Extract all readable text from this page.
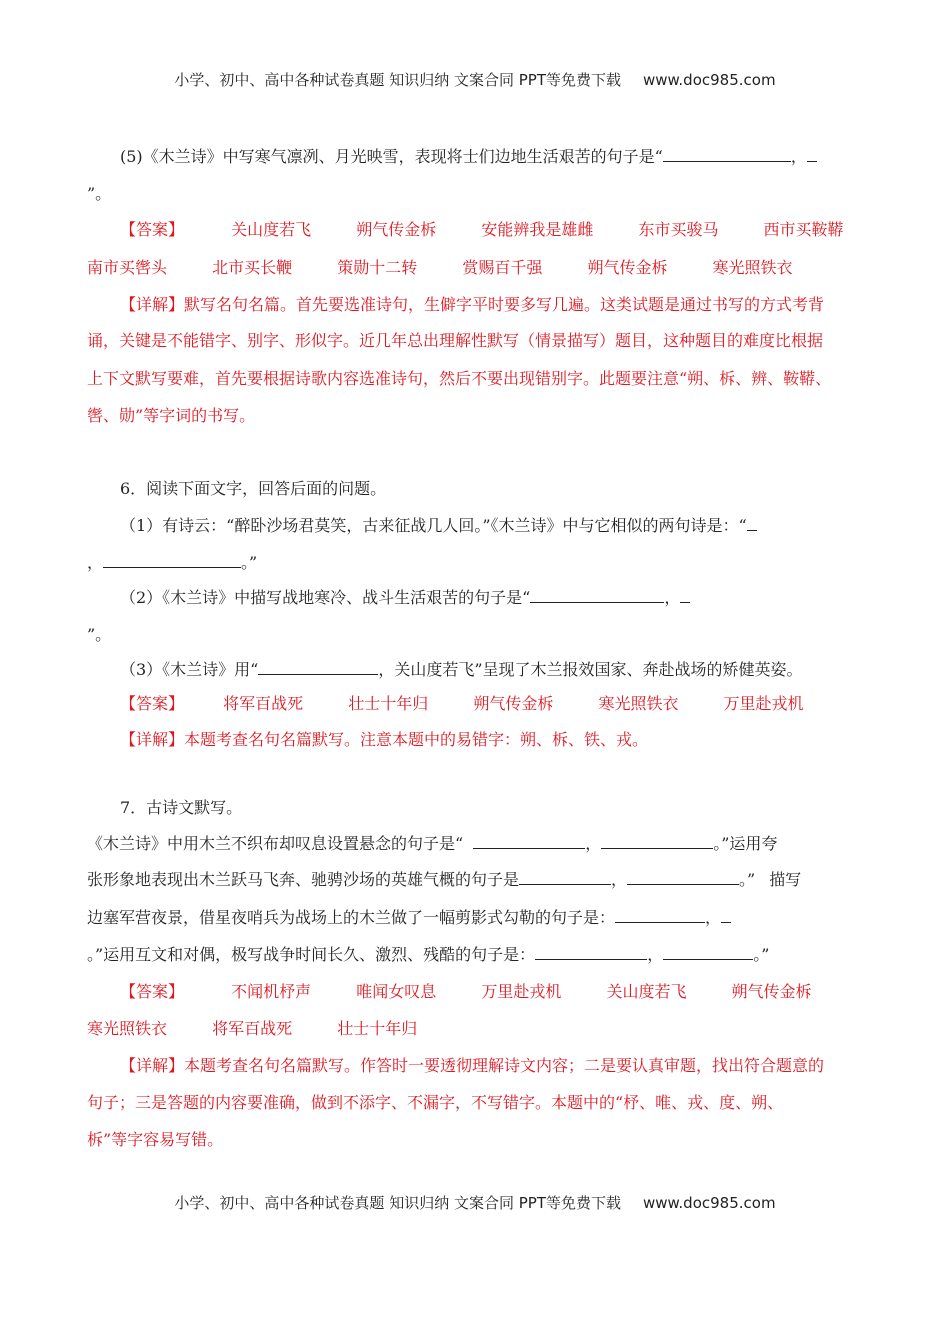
小学、初中、高中各种试卷真题 知识归纳 文案合同 PPT等免费下载 www.doc985.com
(5)《木兰诗》中写寒气凛冽、月光映雪，表现将士们边地生活艰苦的句子是“	，
”。
【答案】	关山度若飞	朔气传金柝	安能辨我是雄雌	东市买骏马	西市买鞍鞯
南市买辔头	北市买长鞭	策勋十二转	赏赐百千强	朔气传金柝	寒光照铁衣
【详解】默写名句名篇。首先要选准诗句，生僻字平时要多写几遍。这类试题是通过书写的方式考背
诵，关键是不能错字、别字、形似字。近几年总出理解性默写（情景描写）题目，这种题目的难度比根据
上下文默写要难，首先要根据诗歌内容选准诗句，然后不要出现错别字。此题要注意“朔、柝、辨、鞍鞯、
辔、勋”等字词的书写。
6．阅读下面文字，回答后面的问题。
（1）有诗云：“醉卧沙场君莫笑，古来征战几人回。”《木兰诗》中与它相似的两句诗是：“
，	。”
（2）《木兰诗》中描写战地寒冷、战斗生活艰苦的句子是“	，
”。
（3）《木兰诗》用“	，关山度若飞”呈现了木兰报效国家、奔赴战场的矫健英姿。
【答案】 将军百战死	壮士十年归	朔气传金柝	寒光照铁衣	万里赴戎机
【详解】本题考查名句名篇默写。注意本题中的易错字：朔、柝、铁、戎。
7．古诗文默写。
《木兰诗》中用木兰不织布却叹息设置悬念的句子是“	，	。”运用夸
张形象地表现出木兰跃马飞奔、驰骋沙场的英雄气概的句子是	，	。” 描写
边塞军营夜景，借星夜哨兵为战场上的木兰做了一幅剪影式勾勒的句子是：	，
。”运用互文和对偶，极写战争时间长久、激烈、残酷的句子是：	，	。”
【答案】	不闻机杼声	唯闻女叹息	万里赴戎机	关山度若飞	朔气传金柝
寒光照铁衣	将军百战死	壮士十年归
【详解】本题考查名句名篇默写。作答时一要透彻理解诗文内容；二是要认真审题，找出符合题意的
句子；三是答题的内容要准确，做到不添字、不漏字，不写错字。本题中的“杼、唯、戎、度、朔、
柝”等字容易写错。
小学、初中、高中各种试卷真题 知识归纳 文案合同 PPT等免费下载 www.doc985.com
